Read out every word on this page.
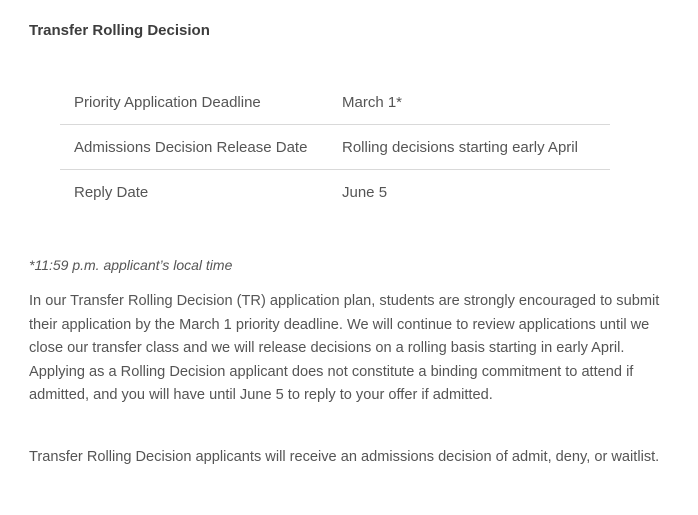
Transfer Rolling Decision
Priority Application Deadline	March 1*
Admissions Decision Release Date	Rolling decisions starting early April
Reply Date	June 5

*11:59 p.m. applicant’s local time

In our Transfer Rolling Decision (TR) application plan, students are strongly encouraged to submit their application by the March 1 priority deadline. We will continue to review applications until we close our transfer class and we will release decisions on a rolling basis starting in early April. Applying as a Rolling Decision applicant does not constitute a binding commitment to attend if admitted, and you will have until June 5 to reply to your offer if admitted.

Transfer Rolling Decision applicants will receive an admissions decision of admit, deny, or waitlist.
